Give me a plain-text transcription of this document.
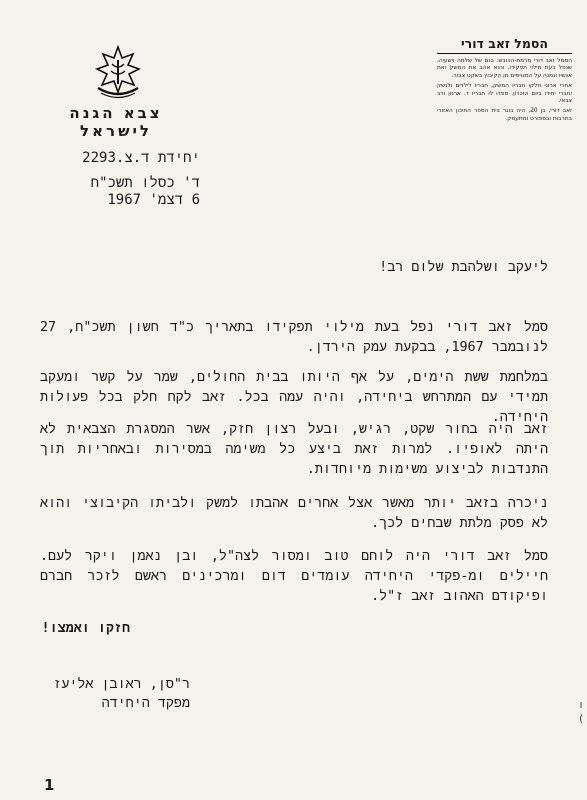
צבא הגנה לישראל
יחידת ד.צ.2293
ד' כסלו תשכ"ח
6 דצמ' 1967
הסמל זאב דורי

הסמל זאב דורי מרמת-הכובש. בנם של שלמה וישעיה. שנפל בעת מילוי תפקידו. והוא אהב את המשק ואת אנשיו ונמנה על המגויסים מן הקיבוץ בשקט צבור.

אחרי ארוני חלקו חבריו המשק, חבריו לילדים ולנשק וחברי יחידו ביום הזכרון. ספדו לו חבריו ד. ארנון ורב צבאי.

זאב דורי, בן 20, היה בוגר בית הספר התיכון האזורי בתרבות ובספורט ומתעמק.

ליעקב ושלהבת שלום רב!
סמל זאב דורי נפל בעת מילוי תפקידו בתאריך כ"ד חשון תשכ"ח, 27 לנובמבר 1967, בבקעת עמק הירדן.
במלחמת ששת הימים, על אף היותו בבית החולים, שמר על קשר ומעקב תמידי עם המתרחש ביחידה, והיה עמה בכל. זאב לקח חלק בכל פעולות היחידה.
זאב היה בחור שקט, רגיש, ובעל רצון חזק, אשר המסגרת הצבאית לא היתה לאופיו. למרות זאת ביצע כל משימה במסירות ובאחריות תוך התנדבות לביצוע משימות מיוחדות.
ניכרה בזאב יותר מאשר אצל אחרים אהבתו למשק ולביתו הקיבוצי והוא לא פסק מלתת שבחים לכך.
סמל זאב דורי היה לוחם טוב ומסור לצה"ל, ובן נאמן ויקר לעם. חיילים ומ-פקדי היחידה עומדים דום ומרכינים ראשם לזכר חברם ופיקודם האהוב זאב ז"ל.
חזקו ואמצו!
ר"סן, ראובן אליעז
מפקד היחידה
1
ו
(
